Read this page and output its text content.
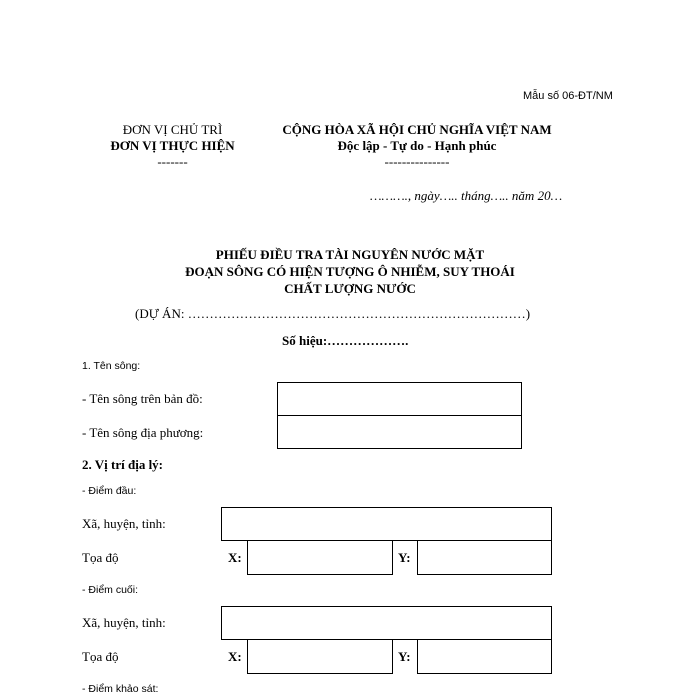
Mẫu số 06-ĐT/NM
ĐƠN VỊ CHỦ TRÌ
ĐƠN VỊ THỰC HIỆN
-------
CỘNG HÒA XÃ HỘI CHỦ NGHĨA VIỆT NAM
Độc lập - Tự do - Hạnh phúc
---------------
………., ngày….. tháng….. năm 20…
PHIẾU ĐIỀU TRA TÀI NGUYÊN NƯỚC MẶT
ĐOẠN SÔNG CÓ HIỆN TƯỢNG Ô NHIỄM, SUY THOÁI
CHẤT LƯỢNG NƯỚC
(DỰ ÁN: ……………………………………………………………………)
Số hiệu:……………….
1. Tên sông:
- Tên sông trên bản đồ:
- Tên sông địa phương:
2. Vị trí địa lý:
- Điểm đầu:
Xã, huyện, tỉnh:
Tọa độ	X:	Y:
- Điểm cuối:
Xã, huyện, tỉnh:
Tọa độ	X:	Y:
- Điểm khảo sát:
